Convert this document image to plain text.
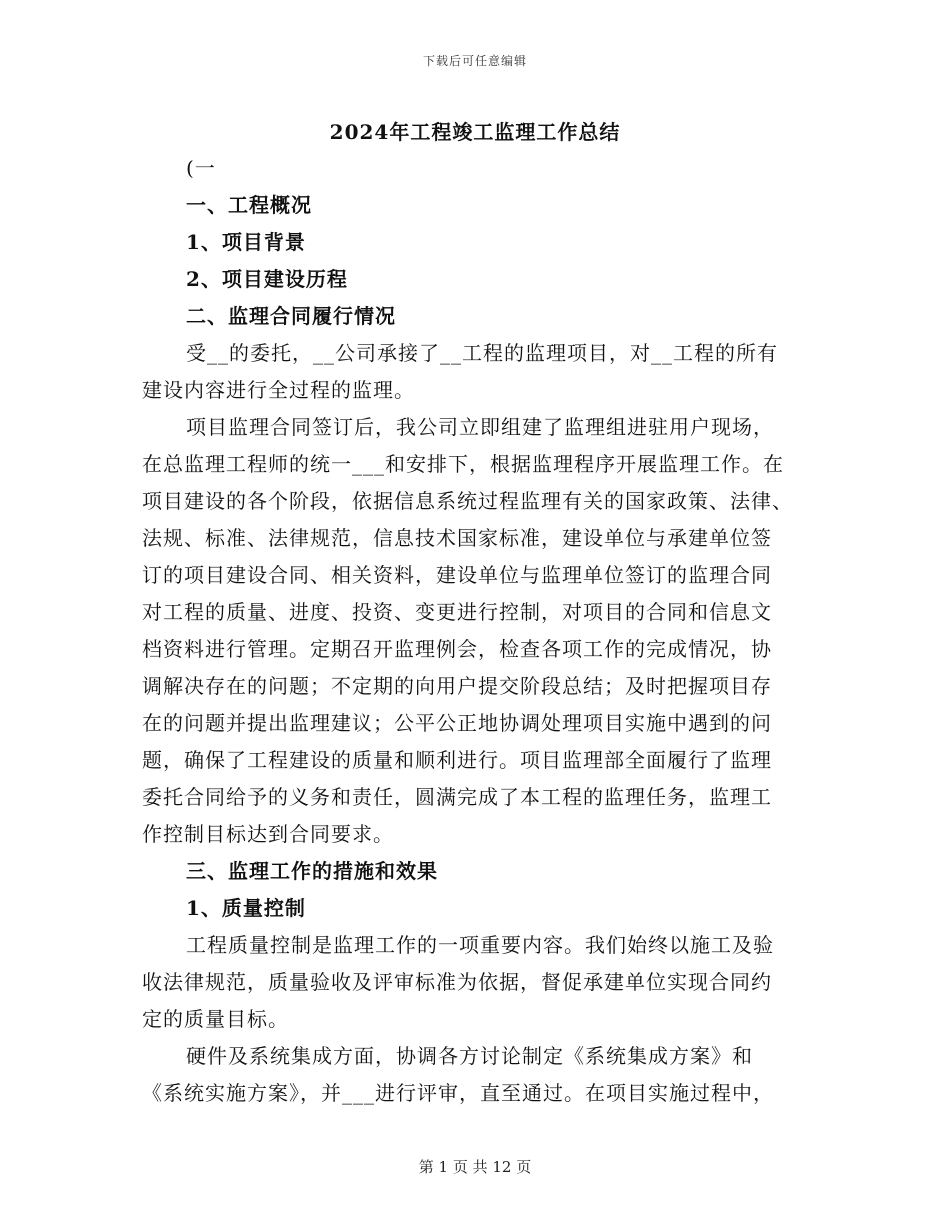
下载后可任意编辑
2024年工程竣工监理工作总结
(一
一、工程概况
1、项目背景
2、项目建设历程
二、监理合同履行情况
受__的委托，__公司承接了__工程的监理项目，对__工程的所有
建设内容进行全过程的监理。
项目监理合同签订后，我公司立即组建了监理组进驻用户现场，
在总监理工程师的统一___和安排下，根据监理程序开展监理工作。在
项目建设的各个阶段，依据信息系统过程监理有关的国家政策、法律、
法规、标准、法律规范，信息技术国家标准，建设单位与承建单位签
订的项目建设合同、相关资料，建设单位与监理单位签订的监理合同
对工程的质量、进度、投资、变更进行控制，对项目的合同和信息文
档资料进行管理。定期召开监理例会，检查各项工作的完成情况，协
调解决存在的问题；不定期的向用户提交阶段总结；及时把握项目存
在的问题并提出监理建议；公平公正地协调处理项目实施中遇到的问
题，确保了工程建设的质量和顺利进行。项目监理部全面履行了监理
委托合同给予的义务和责任，圆满完成了本工程的监理任务，监理工
作控制目标达到合同要求。
三、监理工作的措施和效果
1、质量控制
工程质量控制是监理工作的一项重要内容。我们始终以施工及验
收法律规范，质量验收及评审标准为依据，督促承建单位实现合同约
定的质量目标。
硬件及系统集成方面，协调各方讨论制定《系统集成方案》和
《系统实施方案》，并___进行评审，直至通过。在项目实施过程中，
第 1 页 共 12 页
